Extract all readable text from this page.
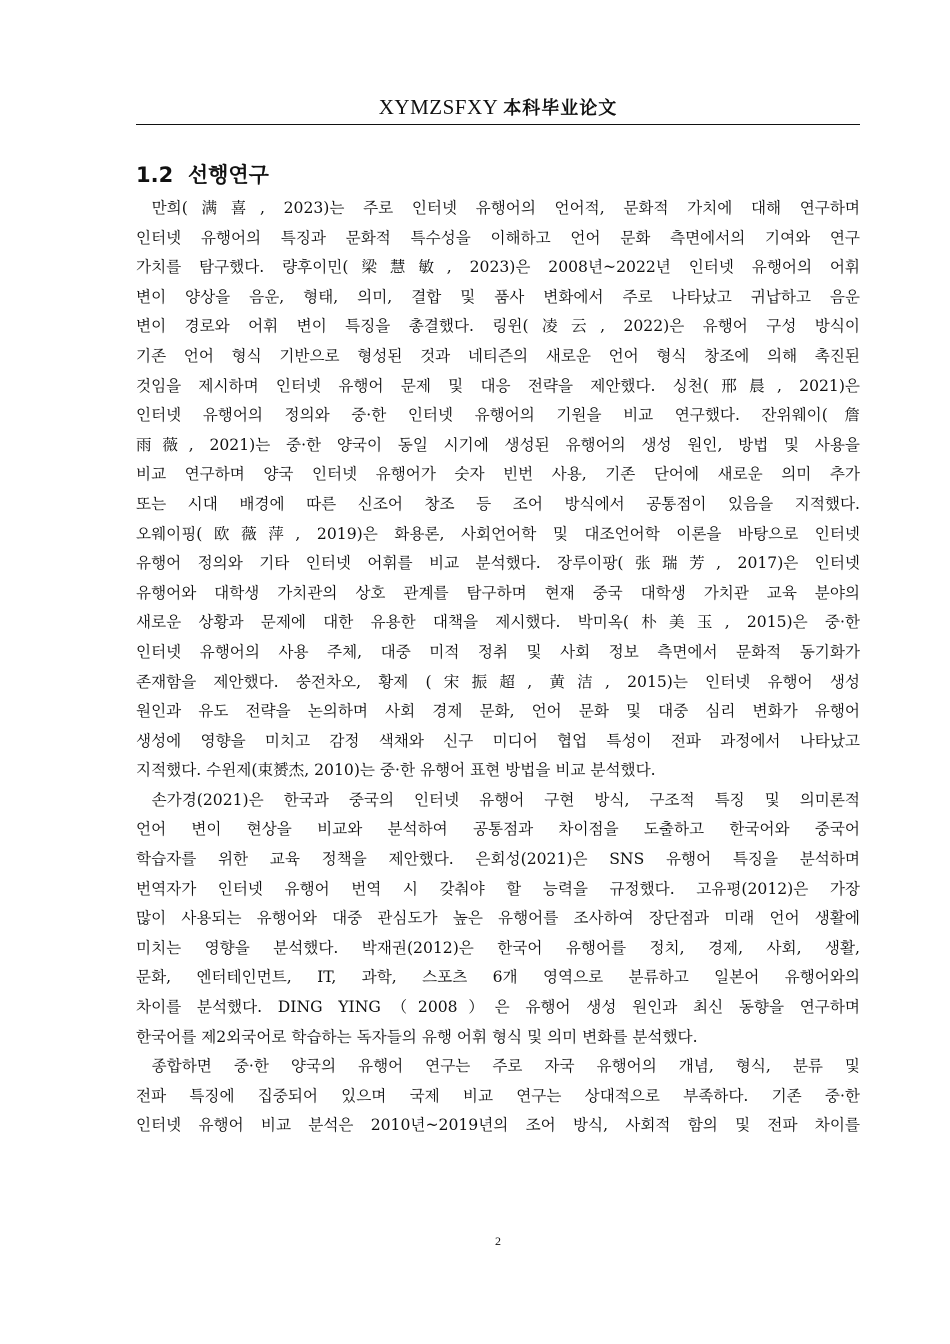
XYMZSFXY 本科毕业论文
1.2 선행연구
만희(满喜, 2023)는 주로 인터넷 유행어의 언어적, 문화적 가치에 대해 연구하며
인터넷 유행어의 특징과 문화적 특수성을 이해하고 언어 문화 측면에서의 기여와 연구
가치를 탐구했다. 량후이민(梁慧敏, 2023)은 2008년~2022년 인터넷 유행어의 어휘
변이 양상을 음운, 형태, 의미, 결합 및 품사 변화에서 주로 나타났고 귀납하고 음운
변이 경로와 어휘 변이 특징을 총결했다. 링윈(凌云, 2022)은 유행어 구성 방식이
기존 언어 형식 기반으로 형성된 것과 네티즌의 새로운 언어 형식 창조에 의해 촉진된
것임을 제시하며 인터넷 유행어 문제 및 대응 전략을 제안했다. 싱천(邢晨, 2021)은
인터넷 유행어의 정의와 중·한 인터넷 유행어의 기원을 비교 연구했다. 잔위웨이(詹
雨薇, 2021)는 중·한 양국이 동일 시기에 생성된 유행어의 생성 원인, 방법 및 사용을
비교 연구하며 양국 인터넷 유행어가 숫자 빈번 사용, 기존 단어에 새로운 의미 추가
또는 시대 배경에 따른 신조어 창조 등 조어 방식에서 공통점이 있음을 지적했다.
오웨이핑(欧薇萍, 2019)은 화용론, 사회언어학 및 대조언어학 이론을 바탕으로 인터넷
유행어 정의와 기타 인터넷 어휘를 비교 분석했다. 장루이팡(张瑞芳, 2017)은 인터넷
유행어와 대학생 가치관의 상호 관계를 탐구하며 현재 중국 대학생 가치관 교육 분야의
새로운 상황과 문제에 대한 유용한 대책을 제시했다. 박미옥(朴美玉, 2015)은 중·한
인터넷 유행어의 사용 주체, 대중 미적 정취 및 사회 정보 측면에서 문화적 동기화가
존재함을 제안했다. 쑹전차오, 황제 (宋振超, 黄洁, 2015)는 인터넷 유행어 생성
원인과 유도 전략을 논의하며 사회 경제 문화, 언어 문화 및 대중 심리 변화가 유행어
생성에 영향을 미치고 감정 색채와 신구 미디어 협업 특성이 전파 과정에서 나타났고
지적했다. 수윈제(束赟杰, 2010)는 중·한 유행어 표현 방법을 비교 분석했다.
손가경(2021)은 한국과 중국의 인터넷 유행어 구현 방식, 구조적 특징 및 의미론적
언어 변이 현상을 비교와 분석하여 공통점과 차이점을 도출하고 한국어와 중국어
학습자를 위한 교육 정책을 제안했다. 은회성(2021)은 SNS 유행어 특징을 분석하며
번역자가 인터넷 유행어 번역 시 갖춰야 할 능력을 규정했다. 고유평(2012)은 가장
많이 사용되는 유행어와 대중 관심도가 높은 유행어를 조사하여 장단점과 미래 언어 생활에
미치는 영향을 분석했다. 박재권(2012)은 한국어 유행어를 정치, 경제, 사회, 생활,
문화, 엔터테인먼트, IT, 과학, 스포츠 6개 영역으로 분류하고 일본어 유행어와의
차이를 분석했다. DING YING（2008）은 유행어 생성 원인과 최신 동향을 연구하며
한국어를 제2외국어로 학습하는 독자들의 유행 어휘 형식 및 의미 변화를 분석했다.
종합하면 중·한 양국의 유행어 연구는 주로 자국 유행어의 개념, 형식, 분류 및
전파 특징에 집중되어 있으며 국제 비교 연구는 상대적으로 부족하다. 기존 중·한
인터넷 유행어 비교 분석은 2010년~2019년의 조어 방식, 사회적 함의 및 전파 차이를
2
